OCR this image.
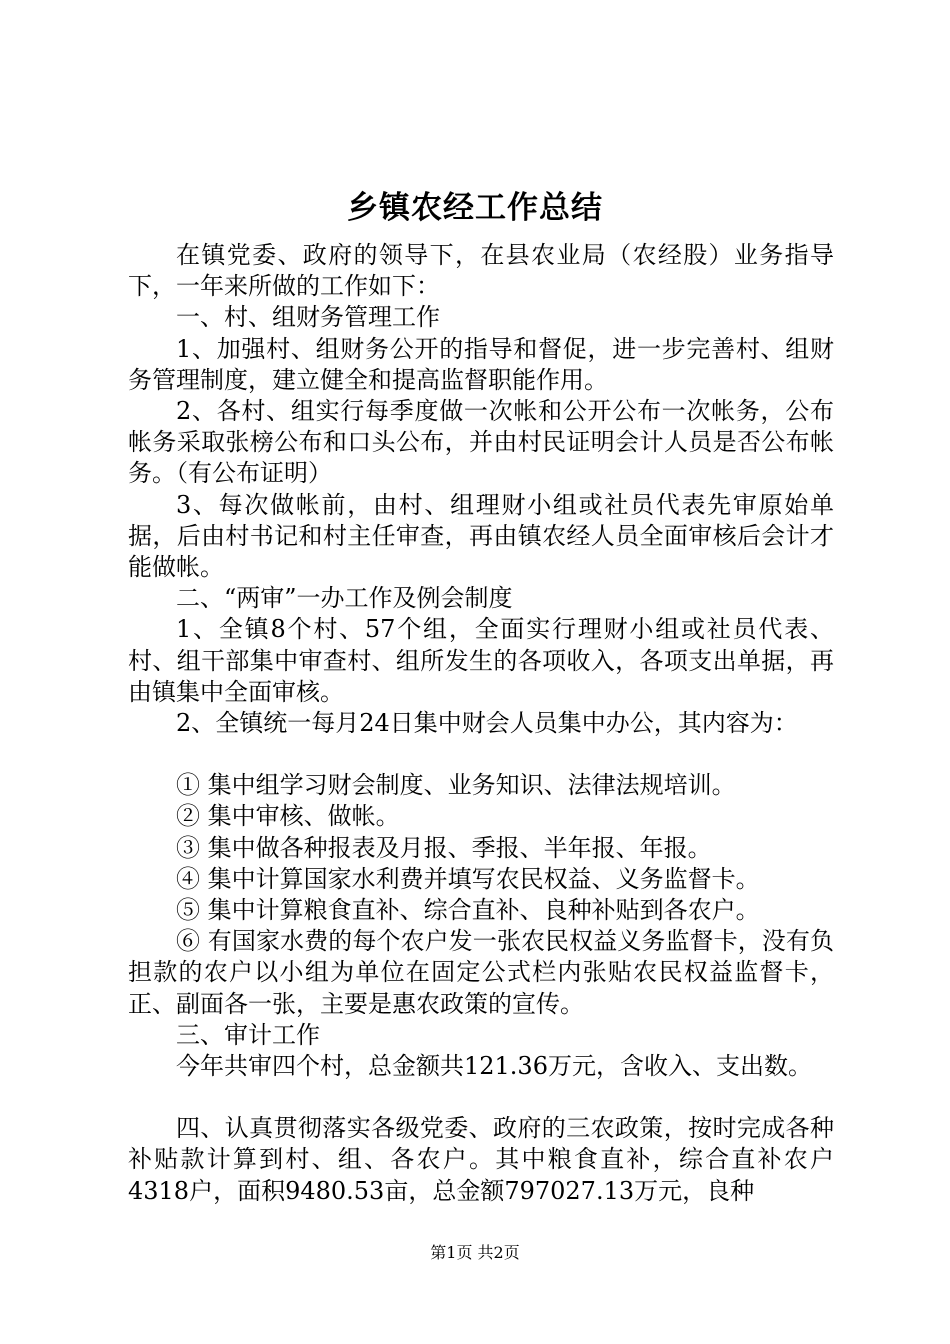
乡镇农经工作总结

在镇党委、政府的领导下，在县农业局（农经股）业务指导下，一年来所做的工作如下：

一、村、组财务管理工作

1、加强村、组财务公开的指导和督促，进一步完善村、组财务管理制度，建立健全和提高监督职能作用。

2、各村、组实行每季度做一次帐和公开公布一次帐务，公布帐务采取张榜公布和口头公布，并由村民证明会计人员是否公布帐务。（有公布证明）

3、每次做帐前，由村、组理财小组或社员代表先审原始单据，后由村书记和村主任审查，再由镇农经人员全面审核后会计才能做帐。

二、“两审”一办工作及例会制度

1、全镇8个村、57个组，全面实行理财小组或社员代表、村、组干部集中审查村、组所发生的各项收入，各项支出单据，再由镇集中全面审核。

2、全镇统一每月24日集中财会人员集中办公，其内容为：

① 集中组学习财会制度、业务知识、法律法规培训。

② 集中审核、做帐。

③ 集中做各种报表及月报、季报、半年报、年报。

④ 集中计算国家水利费并填写农民权益、义务监督卡。

⑤ 集中计算粮食直补、综合直补、良种补贴到各农户。

⑥ 有国家水费的每个农户发一张农民权益义务监督卡，没有负担款的农户以小组为单位在固定公式栏内张贴农民权益监督卡，正、副面各一张，主要是惠农政策的宣传。

三、审计工作

今年共审四个村，总金额共121.36万元，含收入、支出数。

四、认真贯彻落实各级党委、政府的三农政策，按时完成各种补贴款计算到村、组、各农户。其中粮食直补，综合直补农户4318户，面积9480.53亩，总金额797027.13万元，良种

第1页 共2页
